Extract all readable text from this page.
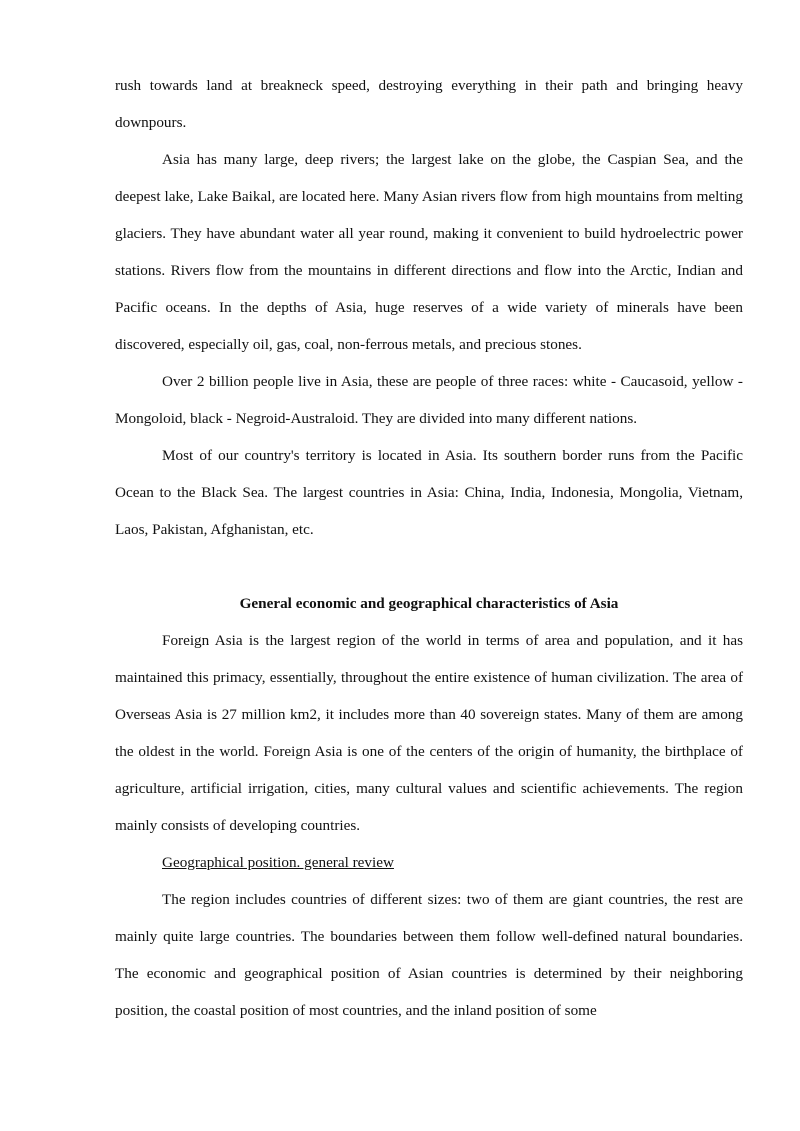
rush towards land at breakneck speed, destroying everything in their path and bringing heavy downpours.

Asia has many large, deep rivers; the largest lake on the globe, the Caspian Sea, and the deepest lake, Lake Baikal, are located here. Many Asian rivers flow from high mountains from melting glaciers. They have abundant water all year round, making it convenient to build hydroelectric power stations. Rivers flow from the mountains in different directions and flow into the Arctic, Indian and Pacific oceans. In the depths of Asia, huge reserves of a wide variety of minerals have been discovered, especially oil, gas, coal, non-ferrous metals, and precious stones.

Over 2 billion people live in Asia, these are people of three races: white - Caucasoid, yellow - Mongoloid, black - Negroid-Australoid. They are divided into many different nations.

Most of our country's territory is located in Asia. Its southern border runs from the Pacific Ocean to the Black Sea. The largest countries in Asia: China, India, Indonesia, Mongolia, Vietnam, Laos, Pakistan, Afghanistan, etc.

General economic and geographical characteristics of Asia

Foreign Asia is the largest region of the world in terms of area and population, and it has maintained this primacy, essentially, throughout the entire existence of human civilization. The area of Overseas Asia is 27 million km2, it includes more than 40 sovereign states. Many of them are among the oldest in the world. Foreign Asia is one of the centers of the origin of humanity, the birthplace of agriculture, artificial irrigation, cities, many cultural values and scientific achievements. The region mainly consists of developing countries.

Geographical position. general review

The region includes countries of different sizes: two of them are giant countries, the rest are mainly quite large countries. The boundaries between them follow well-defined natural boundaries. The economic and geographical position of Asian countries is determined by their neighboring position, the coastal position of most countries, and the inland position of some
